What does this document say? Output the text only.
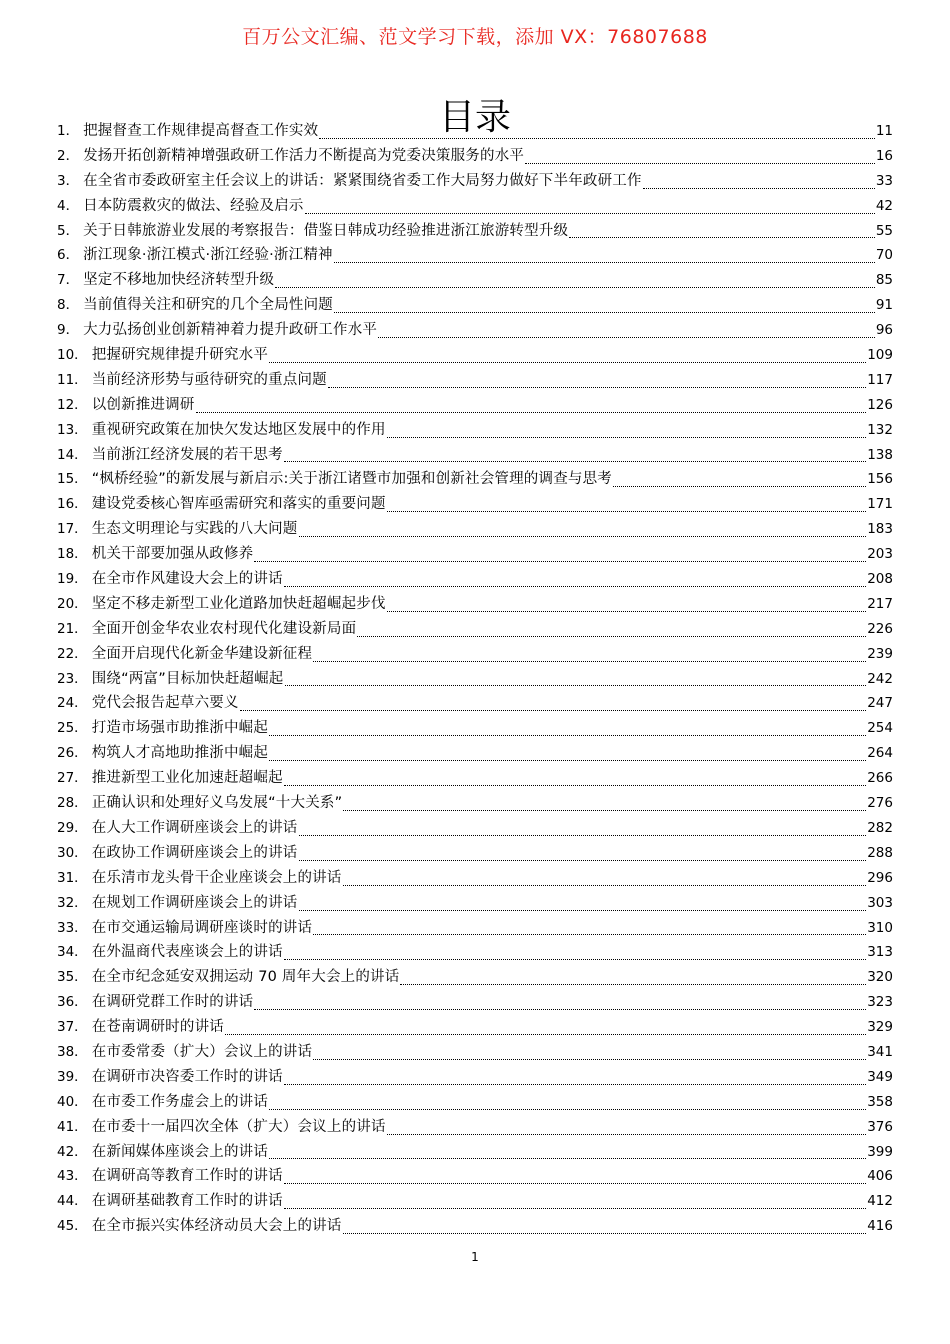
百万公文汇编、范文学习下载，添加 VX：76807688
目录
1． 把握督查工作规律提高督查工作实效	11
2． 发扬开拓创新精神增强政研工作活力不断提高为党委决策服务的水平	16
3． 在全省市委政研室主任会议上的讲话：紧紧围绕省委工作大局努力做好下半年政研工作	33
4． 日本防震救灾的做法、经验及启示	42
5． 关于日韩旅游业发展的考察报告：借鉴日韩成功经验推进浙江旅游转型升级	55
6． 浙江现象·浙江模式·浙江经验·浙江精神	70
7． 坚定不移地加快经济转型升级	85
8． 当前值得关注和研究的几个全局性问题	91
9． 大力弘扬创业创新精神着力提升政研工作水平	96
10． 把握研究规律提升研究水平	109
11． 当前经济形势与亟待研究的重点问题	117
12． 以创新推进调研	126
13． 重视研究政策在加快欠发达地区发展中的作用	132
14． 当前浙江经济发展的若干思考	138
15． “枫桥经验”的新发展与新启示:关于浙江诸暨市加强和创新社会管理的调查与思考	156
16． 建设党委核心智库亟需研究和落实的重要问题	171
17． 生态文明理论与实践的八大问题	183
18． 机关干部要加强从政修养	203
19． 在全市作风建设大会上的讲话	208
20． 坚定不移走新型工业化道路加快赶超崛起步伐	217
21． 全面开创金华农业农村现代化建设新局面	226
22． 全面开启现代化新金华建设新征程	239
23． 围绕“两富”目标加快赶超崛起	242
24． 党代会报告起草六要义	247
25． 打造市场强市助推浙中崛起	254
26． 构筑人才高地助推浙中崛起	264
27． 推进新型工业化加速赶超崛起	266
28． 正确认识和处理好义乌发展“十大关系”	276
29． 在人大工作调研座谈会上的讲话	282
30． 在政协工作调研座谈会上的讲话	288
31． 在乐清市龙头骨干企业座谈会上的讲话	296
32． 在规划工作调研座谈会上的讲话	303
33． 在市交通运输局调研座谈时的讲话	310
34． 在外温商代表座谈会上的讲话	313
35． 在全市纪念延安双拥运动 70 周年大会上的讲话	320
36． 在调研党群工作时的讲话	323
37． 在苍南调研时的讲话	329
38． 在市委常委（扩大）会议上的讲话	341
39． 在调研市决咨委工作时的讲话	349
40． 在市委工作务虚会上的讲话	358
41． 在市委十一届四次全体（扩大）会议上的讲话	376
42． 在新闻媒体座谈会上的讲话	399
43． 在调研高等教育工作时的讲话	406
44． 在调研基础教育工作时的讲话	412
45． 在全市振兴实体经济动员大会上的讲话	416
1
